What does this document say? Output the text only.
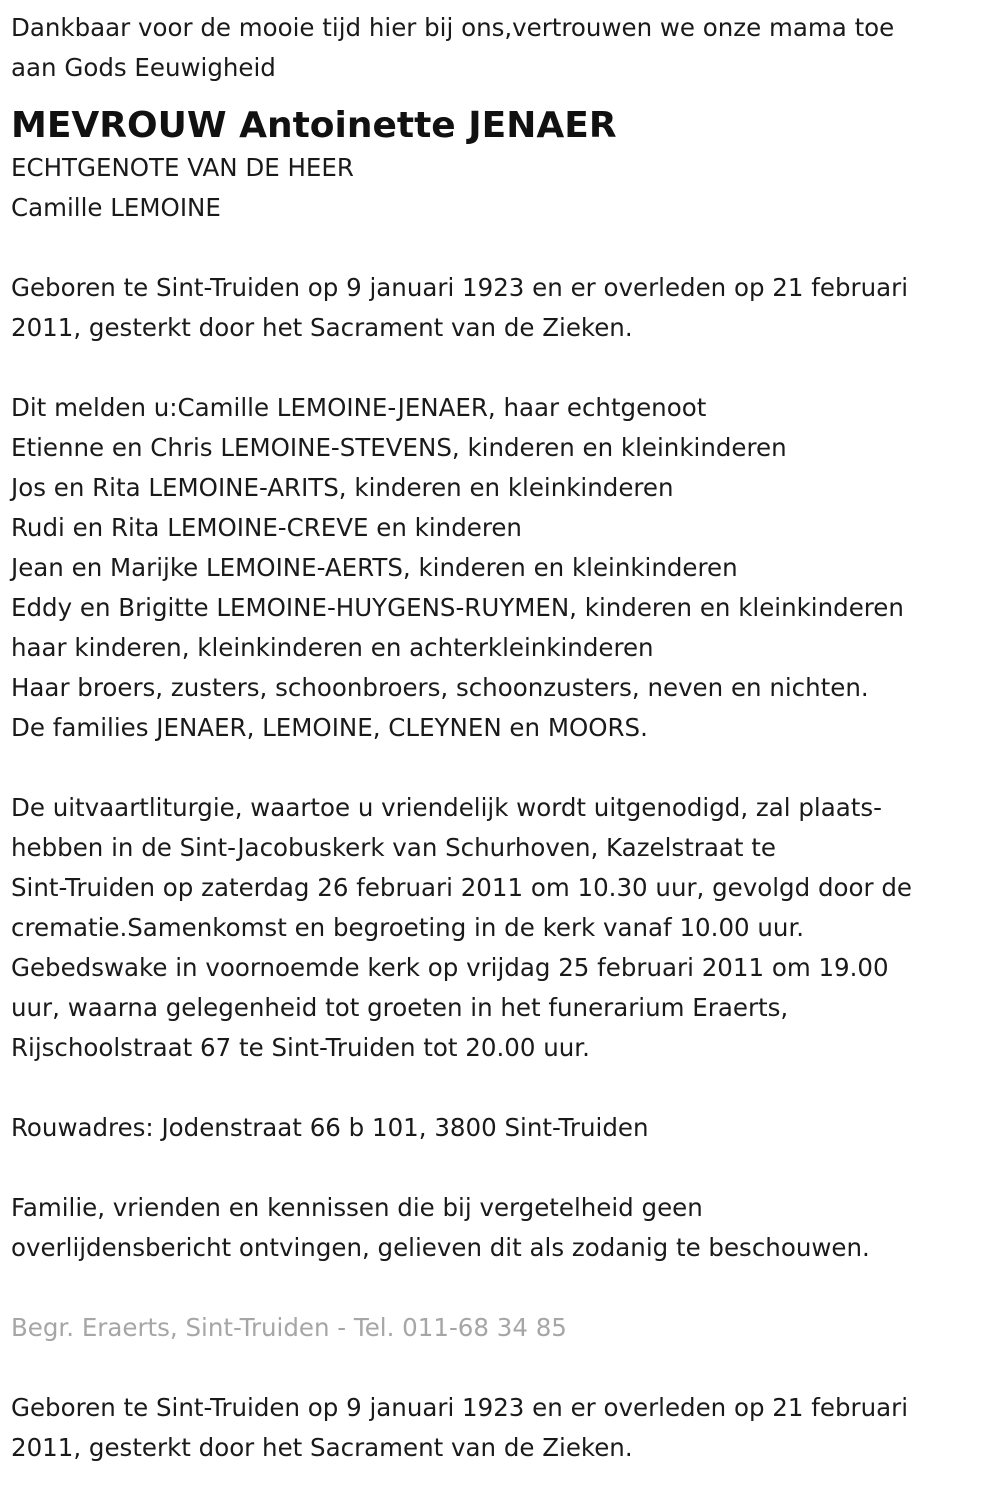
Dankbaar voor de mooie tijd hier bij ons,vertrouwen we onze mama toe

aan Gods Eeuwigheid

MEVROUW Antoinette JENAER

ECHTGENOTE VAN DE HEER

Camille LEMOINE

Geboren te Sint-Truiden op 9 januari 1923 en er overleden op 21 februari

2011, gesterkt door het Sacrament van de Zieken.

Dit melden u:Camille LEMOINE-JENAER, haar echtgenoot

Etienne en Chris LEMOINE-STEVENS, kinderen en kleinkinderen

Jos en Rita LEMOINE-ARITS, kinderen en kleinkinderen

Rudi en Rita LEMOINE-CREVE en kinderen

Jean en Marijke LEMOINE-AERTS, kinderen en kleinkinderen

Eddy en Brigitte LEMOINE-HUYGENS-RUYMEN, kinderen en kleinkinderen

haar kinderen, kleinkinderen en achterkleinkinderen

Haar broers, zusters, schoonbroers, schoonzusters, neven en nichten.

De families JENAER, LEMOINE, CLEYNEN en MOORS.

De uitvaartliturgie, waartoe u vriendelijk wordt uitgenodigd, zal plaats-

hebben in de Sint-Jacobuskerk van Schurhoven, Kazelstraat te

Sint-Truiden op zaterdag 26 februari 2011 om 10.30 uur, gevolgd door de

crematie.Samenkomst en begroeting in de kerk vanaf 10.00 uur.

Gebedswake in voornoemde kerk op vrijdag 25 februari 2011 om 19.00

uur, waarna gelegenheid tot groeten in het funerarium Eraerts,

Rijschoolstraat 67 te Sint-Truiden tot 20.00 uur.

Rouwadres: Jodenstraat 66 b 101, 3800 Sint-Truiden

Familie, vrienden en kennissen die bij vergetelheid geen

overlijdensbericht ontvingen, gelieven dit als zodanig te beschouwen.

Begr. Eraerts, Sint-Truiden - Tel. 011-68 34 85

Geboren te Sint-Truiden op 9 januari 1923 en er overleden op 21 februari

2011, gesterkt door het Sacrament van de Zieken.
